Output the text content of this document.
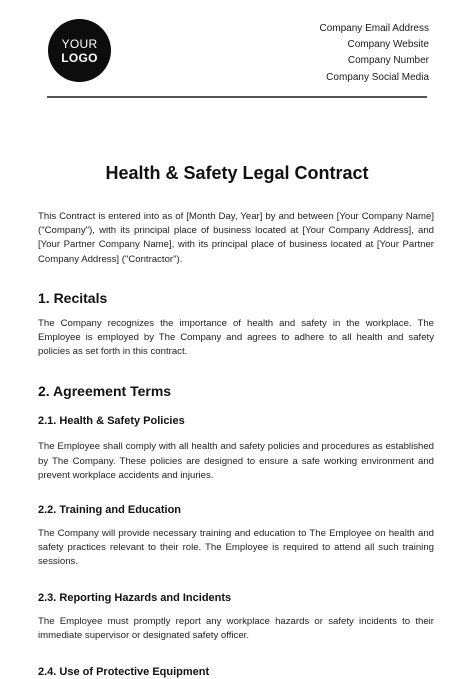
YOUR
LOGO
Company Email Address
Company Website
Company Number
Company Social Media
Health & Safety Legal Contract

This Contract is entered into as of [Month Day, Year] by and between [Your Company Name] ("Company"), with its principal place of business located at [Your Company Address], and [Your Partner Company Name], with its principal place of business located at [Your Partner Company Address] ("Contractor").

1. Recitals

The Company recognizes the importance of health and safety in the workplace. The Employee is employed by The Company and agrees to adhere to all health and safety policies as set forth in this contract.

2. Agreement Terms
2.1. Health & Safety Policies

The Employee shall comply with all health and safety policies and procedures as established by The Company. These policies are designed to ensure a safe working environment and prevent workplace accidents and injuries.

2.2. Training and Education

The Company will provide necessary training and education to The Employee on health and safety practices relevant to their role. The Employee is required to attend all such training sessions.

2.3. Reporting Hazards and Incidents

The Employee must promptly report any workplace hazards or safety incidents to their immediate supervisor or designated safety officer.

2.4. Use of Protective Equipment
